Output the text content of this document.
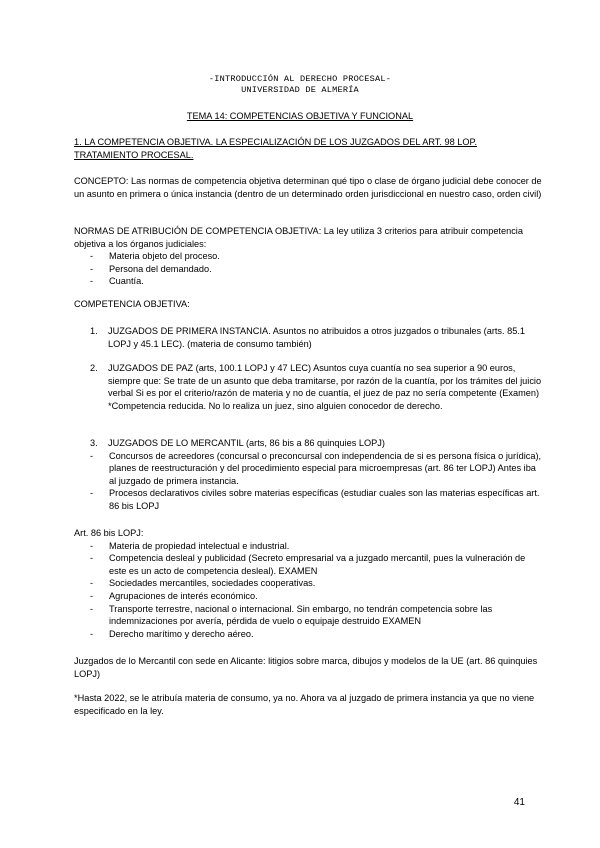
-INTRODUCCIÓN AL DERECHO PROCESAL-
UNIVERSIDAD DE ALMERÍA
TEMA 14: COMPETENCIAS OBJETIVA Y FUNCIONAL
1. LA COMPETENCIA OBJETIVA. LA ESPECIALIZACIÓN DE LOS JUZGADOS DEL ART. 98 LOP.
TRATAMIENTO PROCESAL.
CONCEPTO: Las normas de competencia objetiva determinan qué tipo o clase de órgano judicial debe conocer de un asunto en primera o única instancia (dentro de un determinado orden jurisdiccional en nuestro caso, orden civil)
NORMAS DE ATRIBUCIÓN DE COMPETENCIA OBJETIVA: La ley utiliza 3 criterios para atribuir competencia objetiva a los órganos judiciales:
- Materia objeto del proceso.
- Persona del demandado.
- Cuantía.
COMPETENCIA OBJETIVA:
1. JUZGADOS DE PRIMERA INSTANCIA. Asuntos no atribuidos a otros juzgados o tribunales (arts. 85.1 LOPJ y 45.1 LEC). (materia de consumo también)
2. JUZGADOS DE PAZ (arts, 100.1 LOPJ y 47 LEC) Asuntos cuya cuantía no sea superior a 90 euros, siempre que: Se trate de un asunto que deba tramitarse, por razón de la cuantía, por los trámites del juicio verbal Si es por el criterio/razón de materia y no de cuantía, el juez de paz no sería competente (Examen)
*Competencia reducida. No lo realiza un juez, sino alguien conocedor de derecho.
3. JUZGADOS DE LO MERCANTIL (arts, 86 bis a 86 quinquies LOPJ)
- Concursos de acreedores (concursal o preconcursal con independencia de si es persona física o jurídica), planes de reestructuración y del procedimiento especial para microempresas (art. 86 ter LOPJ) Antes iba al juzgado de primera instancia.
- Procesos declarativos civiles sobre materias específicas (estudiar cuales son las materias específicas art. 86 bis LOPJ
Art. 86 bis LOPJ:
- Materia de propiedad intelectual e industrial.
- Competencia desleal y publicidad (Secreto empresarial va a juzgado mercantil, pues la vulneración de este es un acto de competencia desleal). EXAMEN
- Sociedades mercantiles, sociedades cooperativas.
- Agrupaciones de interés económico.
- Transporte terrestre, nacional o internacional. Sin embargo, no tendrán competencia sobre las indemnizaciones por avería, pérdida de vuelo o equipaje destruido EXAMEN
- Derecho marítimo y derecho aéreo.
Juzgados de lo Mercantil con sede en Alicante: litigios sobre marca, dibujos y modelos de la UE (art. 86 quinquies LOPJ)
*Hasta 2022, se le atribuía materia de consumo, ya no. Ahora va al juzgado de primera instancia ya que no viene especificado en la ley.
41
